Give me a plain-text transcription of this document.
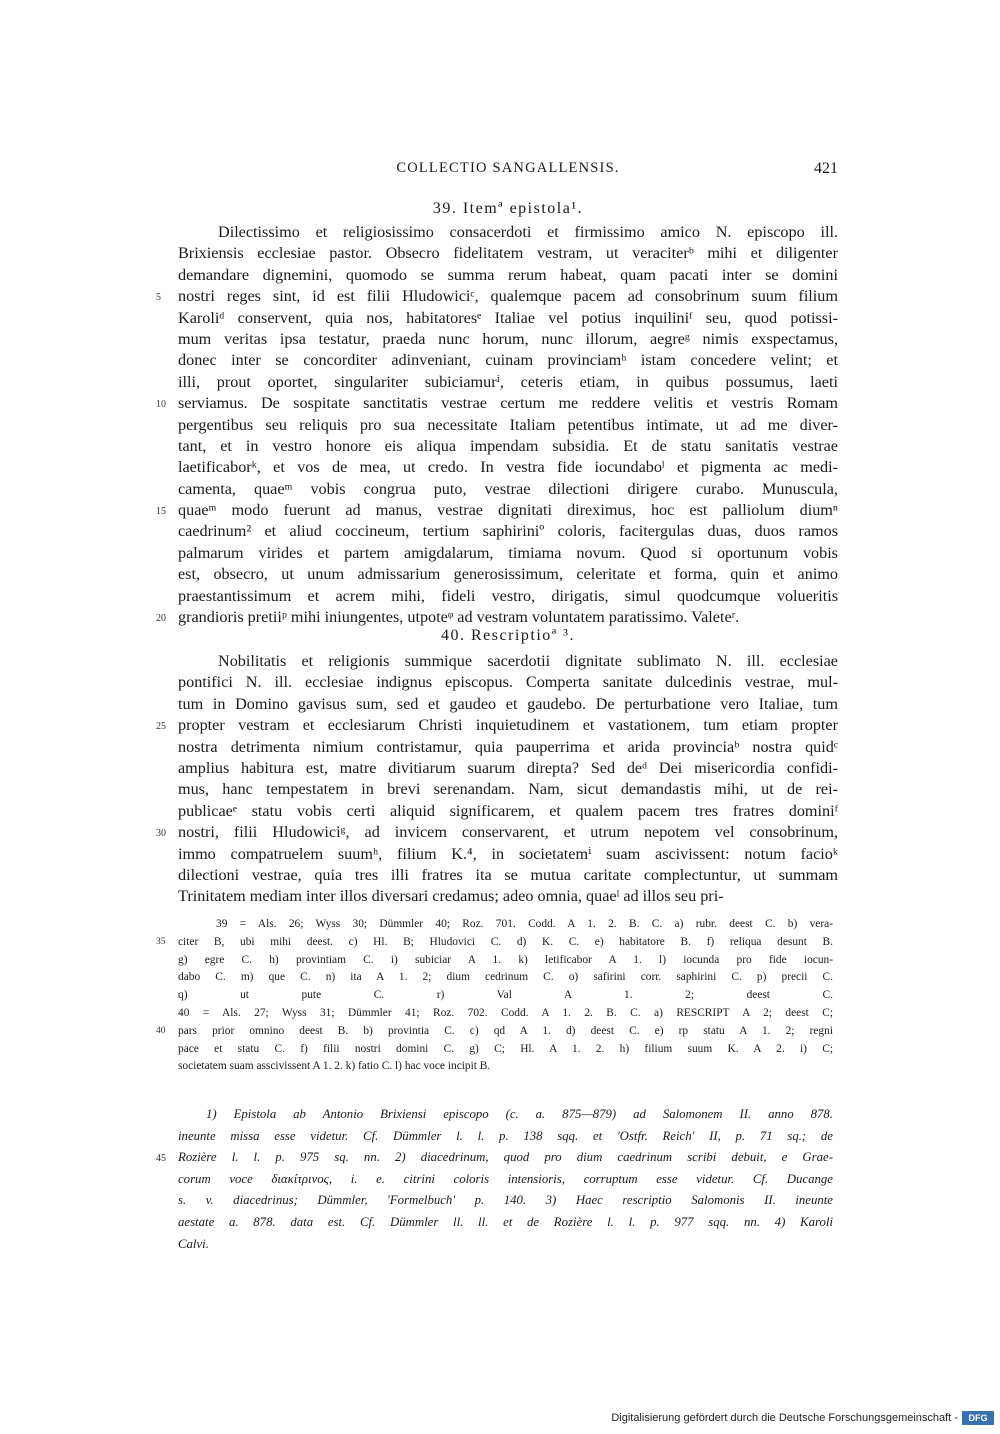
COLLECTIO SANGALLENSIS.	421
39. Itemª epistola¹.
Dilectissimo et religiosissimo consacerdoti et firmissimo amico N. episcopo ill.
Brixiensis ecclesiae pastor. Obsecro fidelitatem vestram, ut veraciterᵇ mihi et diligenter
demandare dignemini, quomodo se summa rerum habeat, quam pacati inter se domini
5	nostri reges sint, id est filii Hludowiciᶜ, qualemque pacem ad consobrinum suum filium
Karoliᵈ conservent, quia nos, habitatoresᵉ Italiae vel potius inquiliniᶠ seu, quod potissi-
mum veritas ipsa testatur, praeda nunc horum, nunc illorum, aegreᵍ nimis exspectamus,
donec inter se concorditer adinveniant, cuinam provinciamʰ istam concedere velint; et
illi, prout oportet, singulariter subiciamurⁱ, ceteris etiam, in quibus possumus, laeti
10 serviamus. De sospitate sanctitatis vestrae certum me reddere velitis et vestris Romam
pergentibus seu reliquis pro sua necessitate Italiam petentibus intimate, ut ad me diver-
tant, et in vestro honore eis aliqua impendam subsidia. Et de statu sanitatis vestrae
laetificaborᵏ, et vos de mea, ut credo. In vestra fide iocundaboˡ et pigmenta ac medi-
camenta, quaeᵐ vobis congrua puto, vestrae dilectioni dirigere curabo. Munuscula,
15 quaeᵐ modo fuerunt ad manus, vestrae dignitati direximus, hoc est palliolum diumⁿ
caedrinum² et aliud coccineum, tertium saphiriniº coloris, facitergulas duas, duos ramos
palmarum virides et partem amigdalarum, timiama novum. Quod si oportunum vobis
est, obsecro, ut unum admissarium generosissimum, celeritate et forma, quin et animo
praestantissimum et acrem mihi, fideli vestro, dirigatis, simul quodcumque volueritis
20 grandioris pretiiᵖ mihi iniungentes, utpoteᵠ ad vestram voluntatem paratissimo. Valeteʳ.
40. Rescriptioª ³.
Nobilitatis et religionis summique sacerdotii dignitate sublimato N. ill. ecclesiae
pontifici N. ill. ecclesiae indignus episcopus. Comperta sanitate dulcedinis vestrae, mul-
tum in Domino gavisus sum, sed et gaudeo et gaudebo. De perturbatione vero Italiae, tum
25 propter vestram et ecclesiarum Christi inquietudinem et vastationem, tum etiam propter
nostra detrimenta nimium contristamur, quia pauperrima et arida provinciaᵇ nostra quidᶜ
amplius habitura est, matre divitiarum suarum direpta? Sed deᵈ Dei misericordia confidi-
mus, hanc tempestatem in brevi serenandam. Nam, sicut demandastis mihi, ut de rei-
publicaeᵉ statu vobis certi aliquid significarem, et qualem pacem tres fratres dominiᶠ
30 nostri, filii Hludowiciᵍ, ad invicem conservarent, et utrum nepotem vel consobrinum,
immo compatruelem suumʰ, filium K.⁴, in societatemⁱ suam ascivissent: notum facioᵏ
dilectioni vestrae, quia tres illi fratres ita se mutua caritate complectuntur, ut summam
Trinitatem mediam inter illos diversari credamus; adeo omnia, quaeˡ ad illos seu pri-
39 = Als. 26; Wyss 30; Dümmler 40; Roz. 701. Codd. A 1. 2. B. C. a) rubr. deest C. b) vera-
35	citer B, ubi mihi deest. c) Hl. B; Hludovici C. d) K. C. e) habitatore B. f) reliqua desunt B.
g) egre C. h) provintiam C. i) subiciar A 1. k) letificabor A 1. l) iocunda pro fide iocun-
dabo C. m) que C. n) ita A 1. 2; dium cedrinum C. o) safirini corr. saphirini C. p) precii C.
q) ut pute C. r) Val A 1. 2; deest C.
40 = Als. 27; Wyss 31; Dümmler 41; Roz. 702. Codd. A 1. 2. B. C. a) RESCRIPT A 2; deest C;
40	pars prior omnino deest B. b) provintia C. c) qd A 1. d) deest C. e) rp statu A 1. 2; regni
pace et statu C. f) filii nostri domini C. g) C; Hl. A 1. 2. h) filium suum K. A 2. i) C;
societatem suam asscivissent A 1. 2. k) fatio C. l) hac voce incipit B.
1) Epistola ab Antonio Brixiensi episcopo (c. a. 875—879) ad Salomonem II. anno 878.
ineunte missa esse videtur. Cf. Dümmler l. l. p. 138 sqq. et 'Ostfr. Reich' II, p. 71 sq.; de
45 Rozière l. l. p. 975 sq. nn. 2) diacedrinum, quod pro dium caedrinum scribi debuit, e Grae-
corum voce διακίτρινος, i. e. citrini coloris intensioris, corruptum esse videtur. Cf. Ducange
s. v. diacedrinus; Dümmler, 'Formelbuch' p. 140. 3) Haec rescriptio Salomonis II. ineunte
aestate a. 878. data est. Cf. Dümmler ll. ll. et de Rozière l. l. p. 977 sqq. nn. 4) Karoli
Calvi.
Digitalisierung gefördert durch die Deutsche Forschungsgemeinschaft -	DFG
